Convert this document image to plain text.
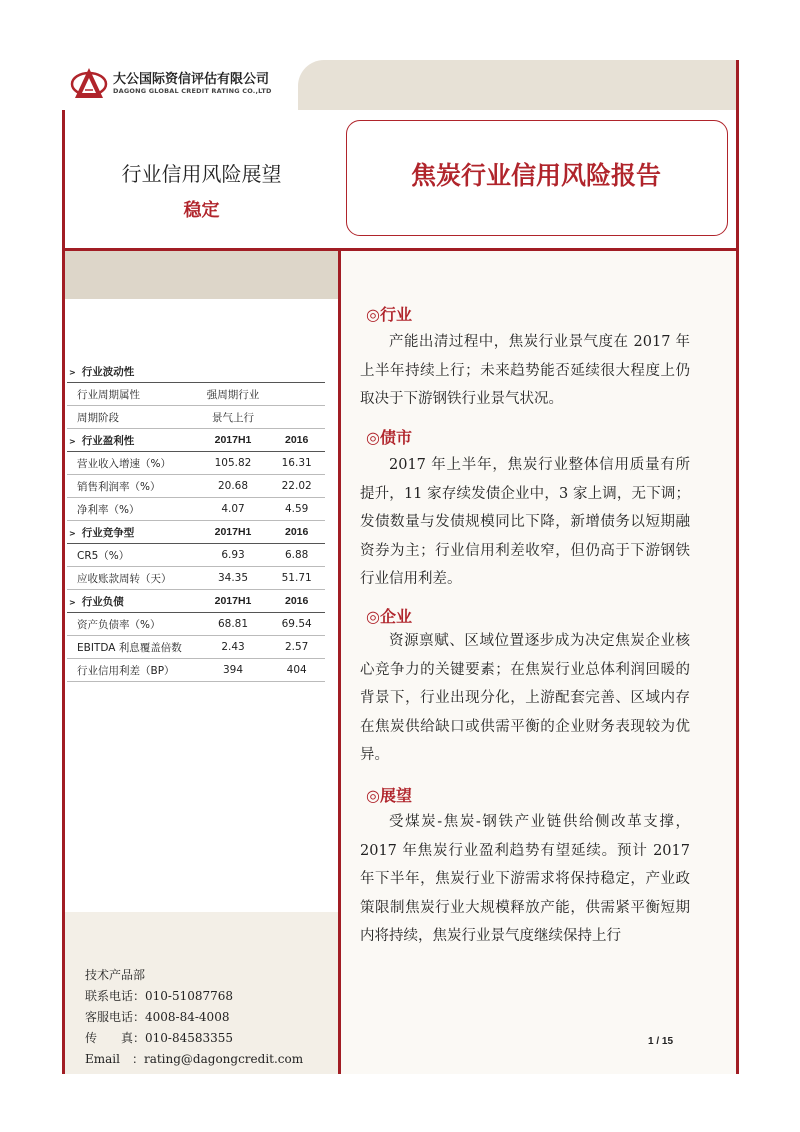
大公国际资信评估有限公司
DAGONG GLOBAL CREDIT RATING CO.,LTD
行业信用风险展望
稳定
焦炭行业信用风险报告
> 行业波动性		
行业周期属性	强周期行业	
周期阶段	景气上行	
> 行业盈利性	2017H1	2016
营业收入增速（%）	105.82	16.31
销售利润率（%）	20.68	22.02
净利率（%）	4.07	4.59
> 行业竞争型	2017H1	2016
CR5（%）	6.93	6.88
应收账款周转（天）	34.35	51.71
> 行业负债	2017H1	2016
资产负债率（%）	68.81	69.54
EBITDA 利息覆盖倍数	2.43	2.57
行业信用利差（BP）	394	404
◎行业
产能出清过程中，焦炭行业景气度在 2017 年上半年持续上行；未来趋势能否延续很大程度上仍取决于下游钢铁行业景气状况。
◎债市
2017 年上半年，焦炭行业整体信用质量有所提升，11 家存续发债企业中，3 家上调，无下调；发债数量与发债规模同比下降，新增债务以短期融资券为主；行业信用利差收窄，但仍高于下游钢铁行业信用利差。
◎企业
资源禀赋、区域位置逐步成为决定焦炭企业核心竞争力的关键要素；在焦炭行业总体利润回暖的背景下，行业出现分化，上游配套完善、区域内存在焦炭供给缺口或供需平衡的企业财务表现较为优异。
◎展望
受煤炭-焦炭-钢铁产业链供给侧改革支撑，2017 年焦炭行业盈利趋势有望延续。预计 2017 年下半年，焦炭行业下游需求将保持稳定，产业政策限制焦炭行业大规模释放产能，供需紧平衡短期内将持续，焦炭行业景气度继续保持上行
技术产品部
联系电话：010-51087768
客服电话：4008-84-4008
传　　真：010-84583355
Email　：rating@dagongcredit.com
1 / 15
